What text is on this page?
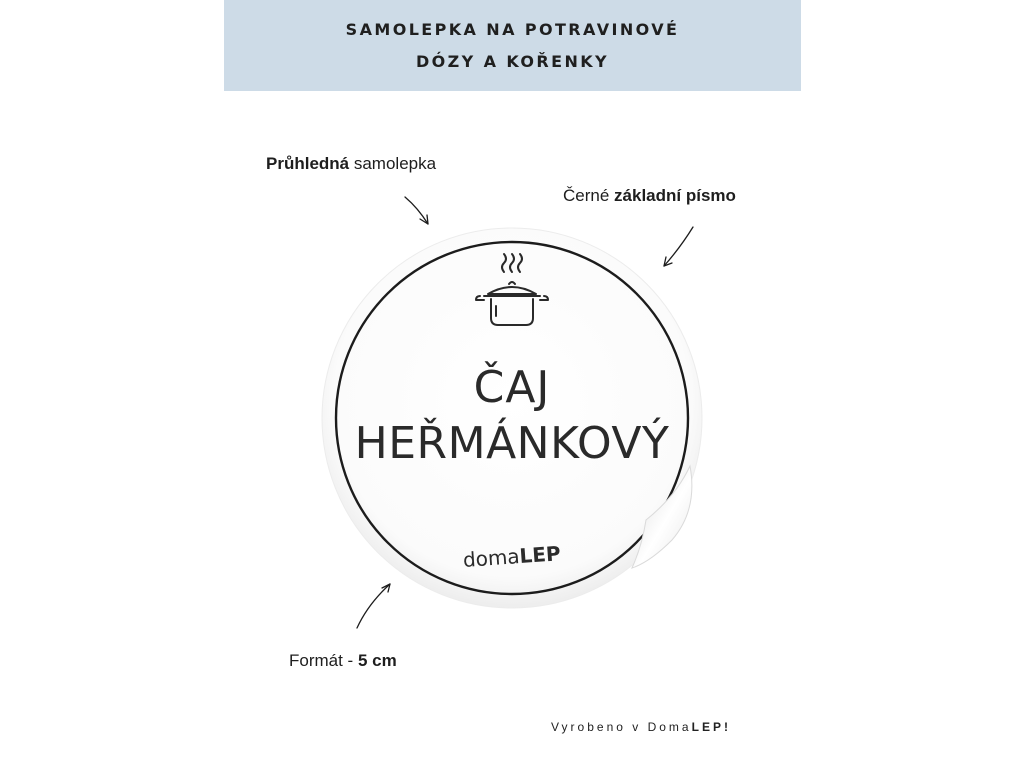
SAMOLEPKA NA POTRAVINOVÉ
DÓZY A KOŘENKY
Průhledná samolepka
Černé základní písmo
Formát - 5 cm
ČAJ
HEŘMÁNKOVÝ
domaLEP
Vyrobeno v DomaLEP!
